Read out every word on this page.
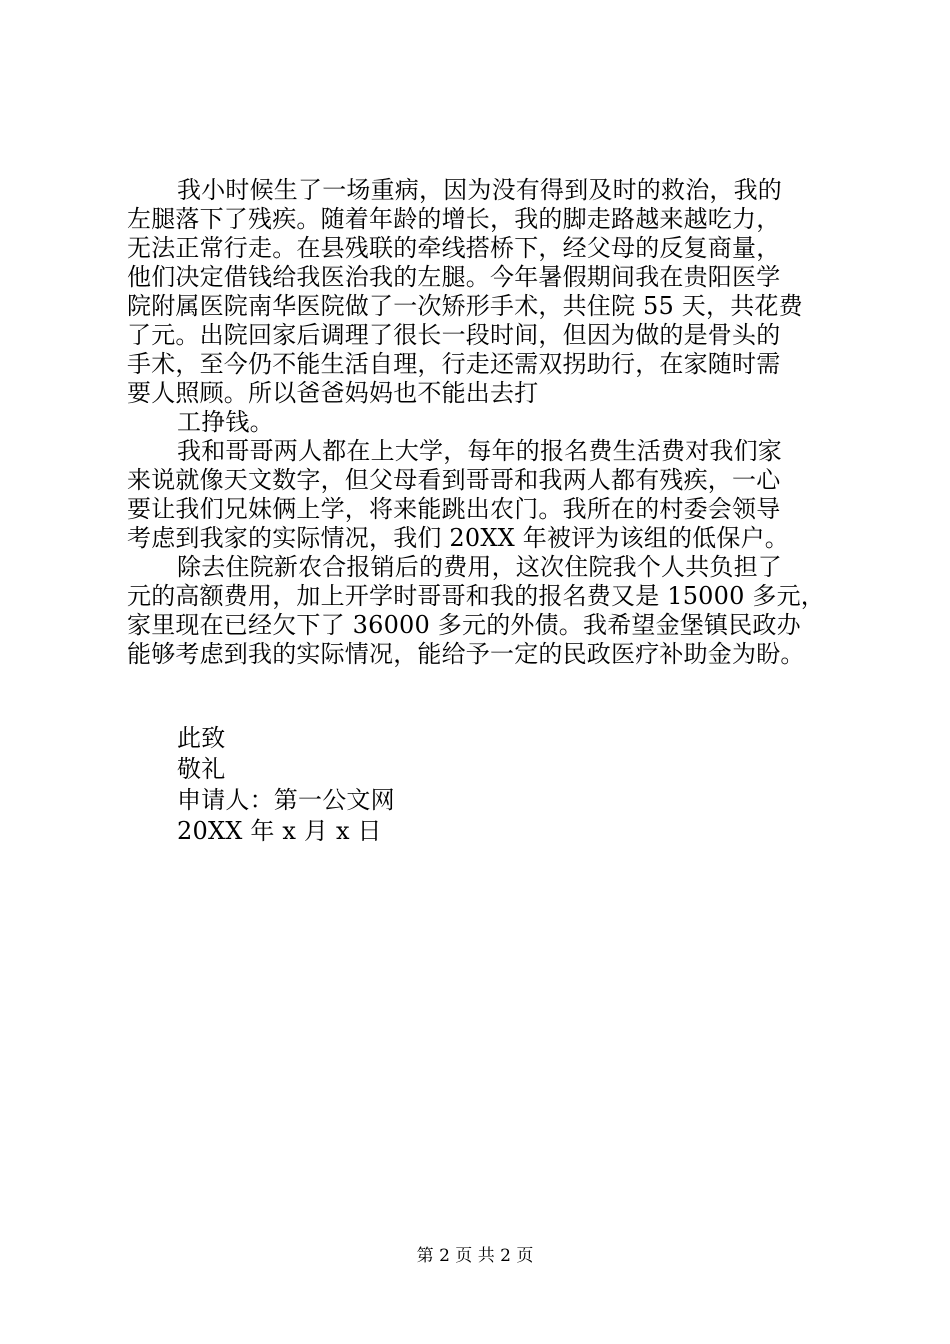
我小时候生了一场重病，因为没有得到及时的救治，我的
左腿落下了残疾。随着年龄的增长，我的脚走路越来越吃力，
无法正常行走。在县残联的牵线搭桥下，经父母的反复商量，
他们决定借钱给我医治我的左腿。今年暑假期间我在贵阳医学
院附属医院南华医院做了一次矫形手术，共住院 55 天，共花费
了元。出院回家后调理了很长一段时间，但因为做的是骨头的
手术，至今仍不能生活自理，行走还需双拐助行，在家随时需
要人照顾。所以爸爸妈妈也不能出去打
工挣钱。
我和哥哥两人都在上大学，每年的报名费生活费对我们家
来说就像天文数字，但父母看到哥哥和我两人都有残疾，一心
要让我们兄妹俩上学，将来能跳出农门。我所在的村委会领导
考虑到我家的实际情况，我们 20XX 年被评为该组的低保户。
除去住院新农合报销后的费用，这次住院我个人共负担了
元的高额费用，加上开学时哥哥和我的报名费又是 15000 多元，
家里现在已经欠下了 36000 多元的外债。我希望金堡镇民政办
能够考虑到我的实际情况，能给予一定的民政医疗补助金为盼。
此致
敬礼
申请人：第一公文网
20XX 年 x 月 x 日
第 2 页 共 2 页
